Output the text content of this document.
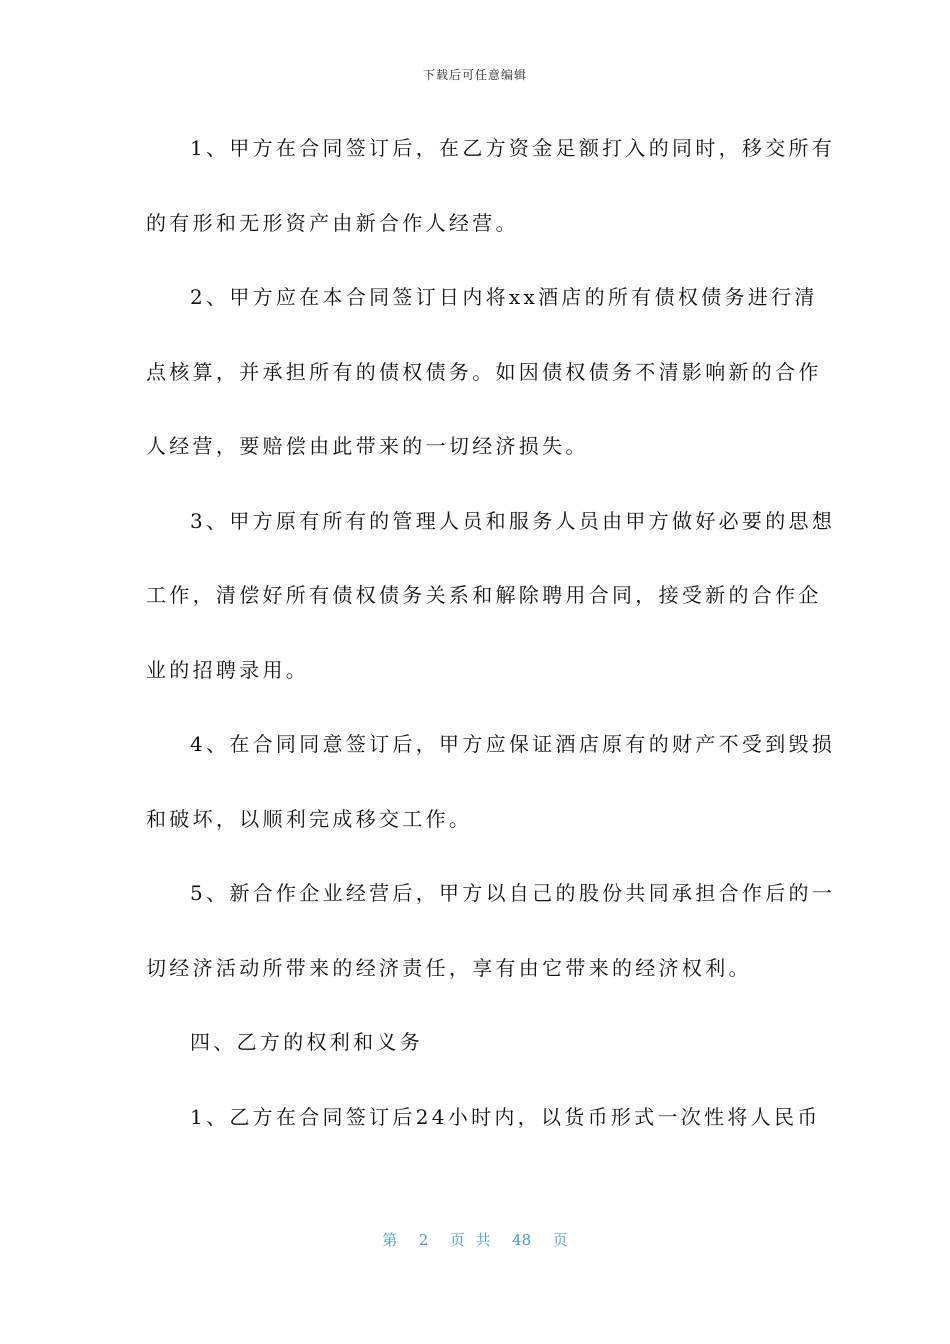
下载后可任意编辑
1、甲方在合同签订后，在乙方资金足额打入的同时，移交所有
的有形和无形资产由新合作人经营。
2、甲方应在本合同签订日内将xx酒店的所有债权债务进行清
点核算，并承担所有的债权债务。如因债权债务不清影响新的合作
人经营，要赔偿由此带来的一切经济损失。
3、甲方原有所有的管理人员和服务人员由甲方做好必要的思想
工作，清偿好所有债权债务关系和解除聘用合同，接受新的合作企
业的招聘录用。
4、在合同同意签订后，甲方应保证酒店原有的财产不受到毁损
和破坏，以顺利完成移交工作。
5、新合作企业经营后，甲方以自己的股份共同承担合作后的一
切经济活动所带来的经济责任，享有由它带来的经济权利。
四、乙方的权利和义务
1、乙方在合同签订后24小时内，以货币形式一次性将人民币
第  2  页 共  48  页
